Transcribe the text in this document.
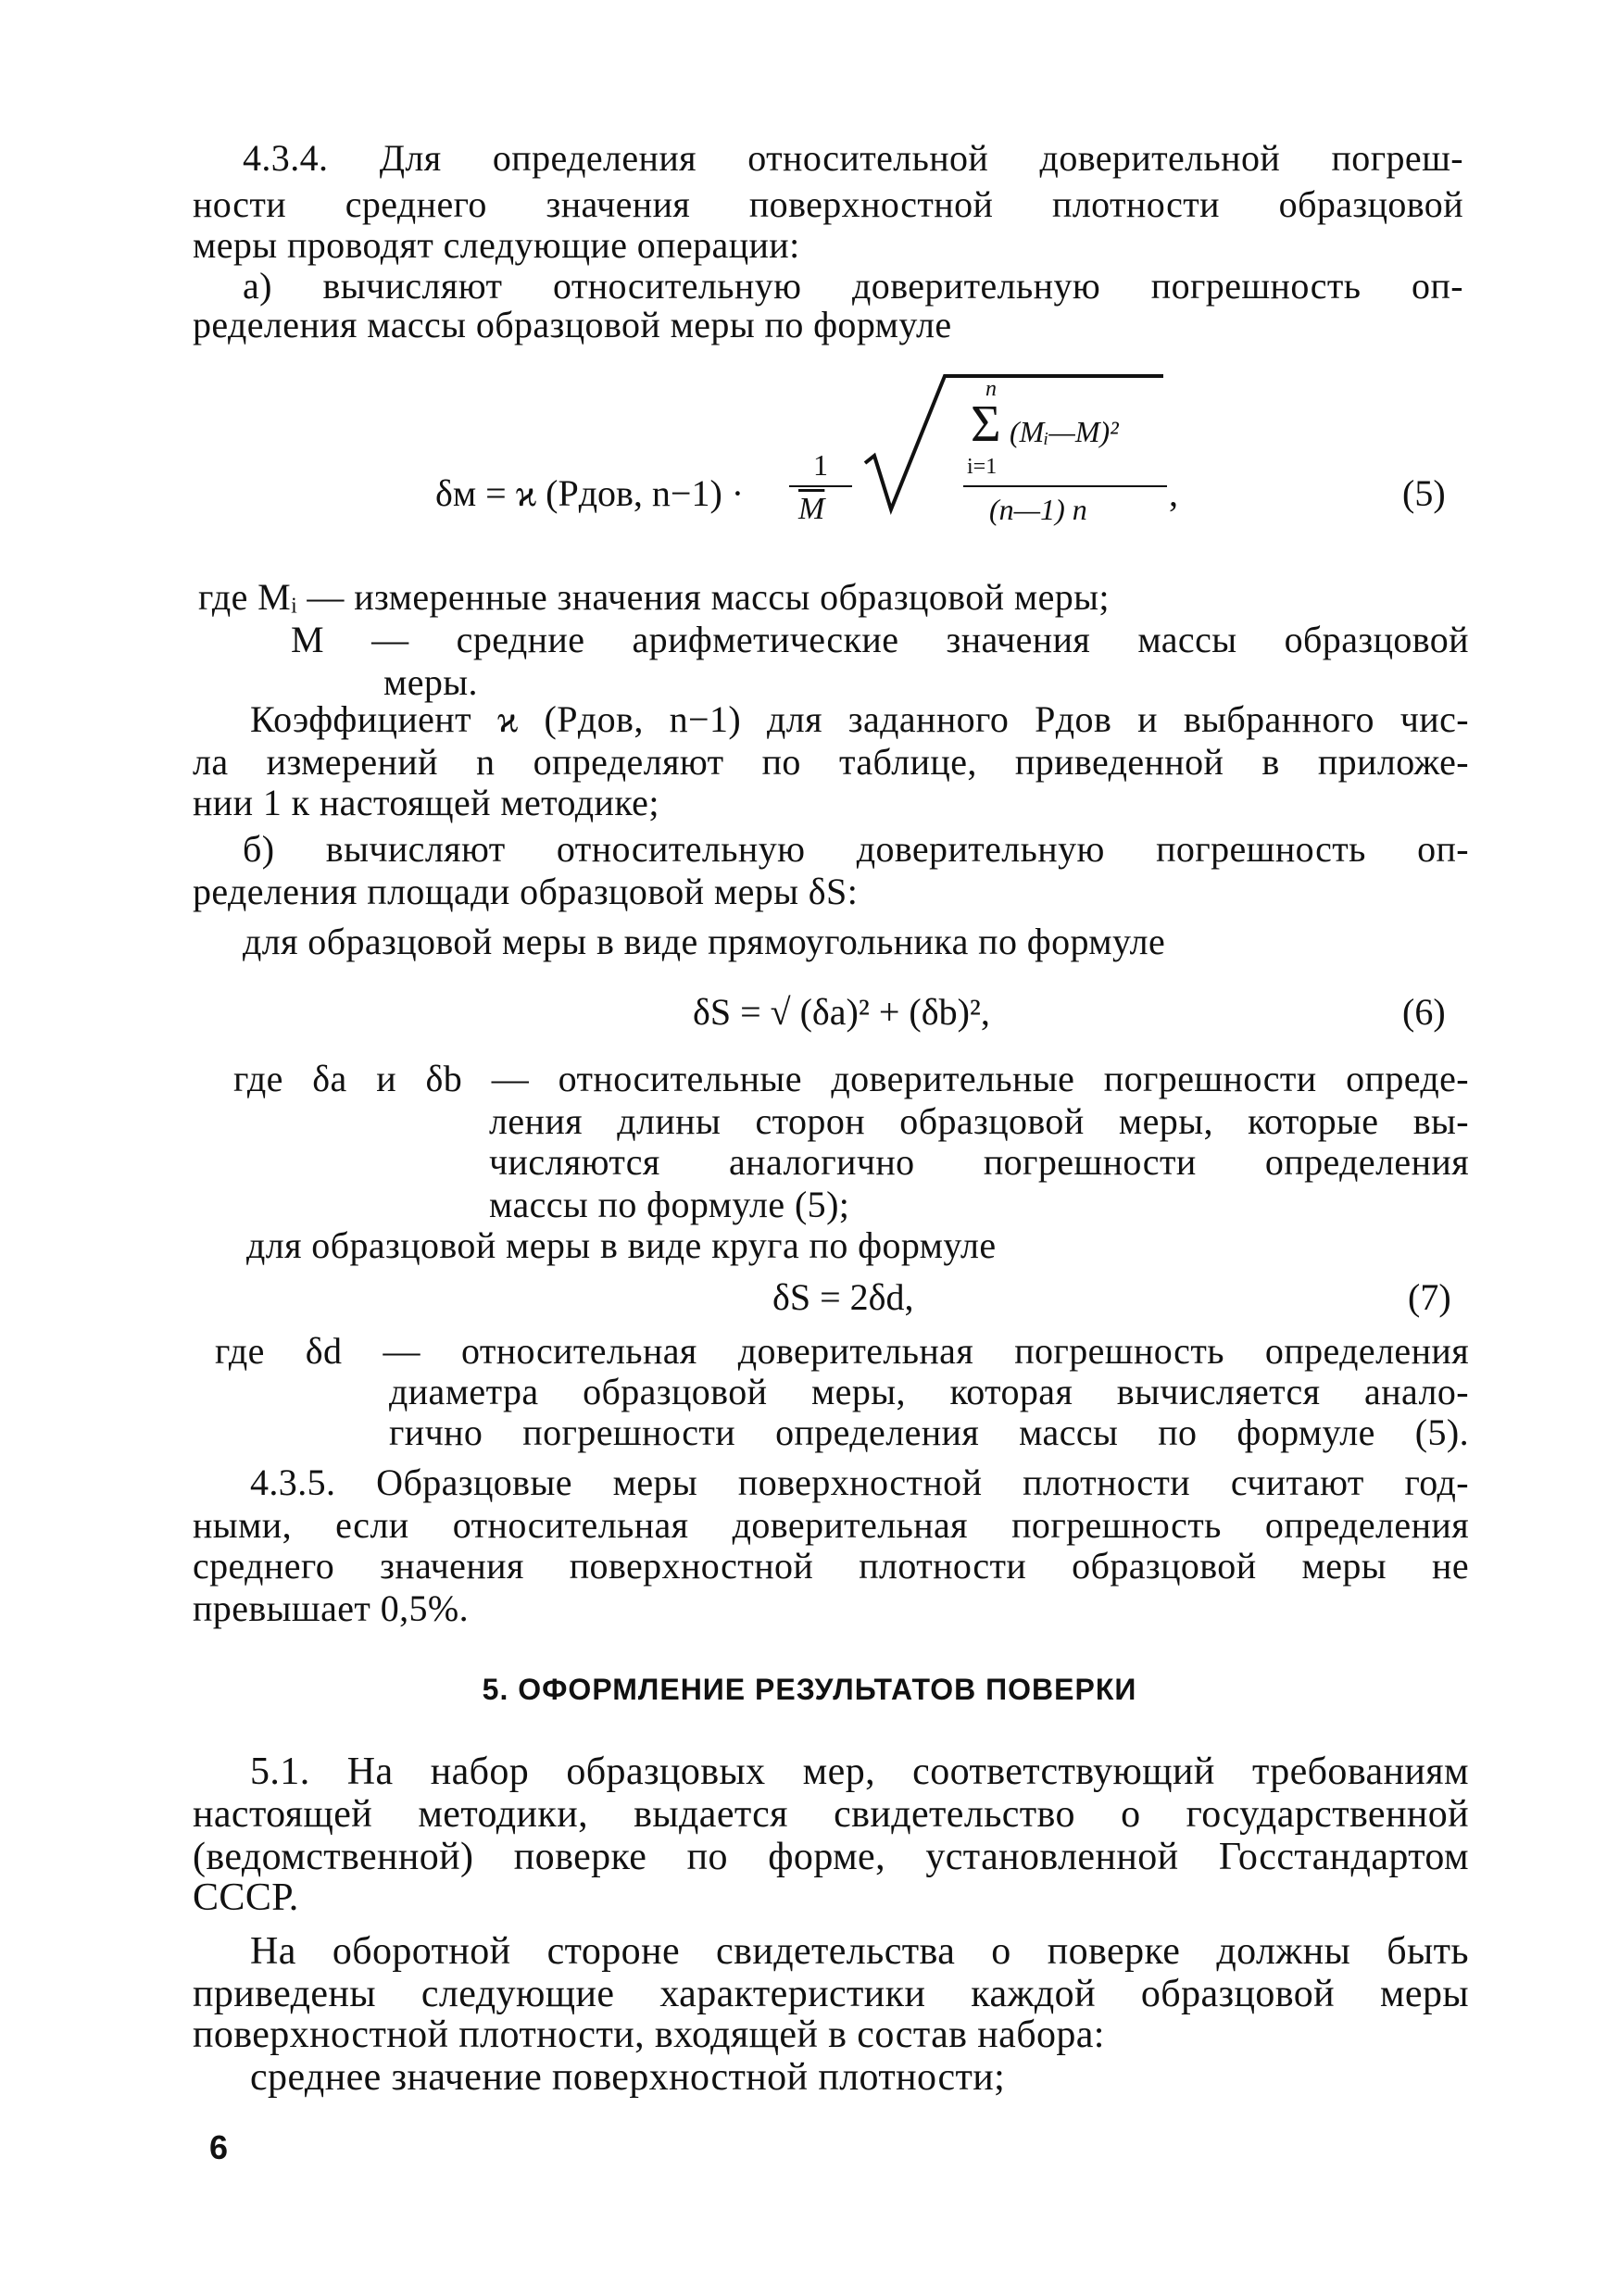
4.3.4. Для определения относительной доверительной погреш-
ности среднего значения поверхностной плотности образцовой
меры проводят следующие операции:
а) вычисляют относительную доверительную погрешность оп-
ределения массы образцовой меры по формуле
δм = ϰ (Pдов, n−1) ·
1
$\overline{M}$
n
Σ (Mᵢ—M)²
i=1
(n—1) n ,	(5)
где Mᵢ — измеренные значения массы образцовой меры;
M — средние арифметические значения массы образцовой
меры.
Коэффициент ϰ (Pдов, n−1) для заданного Pдов и выбранного чис-
ла измерений n определяют по таблице, приведенной в приложе-
нии 1 к настоящей методике;
б) вычисляют относительную доверительную погрешность оп-
ределения площади образцовой меры δS:
для образцовой меры в виде прямоугольника по формуле
δS = √ (δa)² + (δb)²,	(6)
где δa и δb — относительные доверительные погрешности опреде-
ления длины сторон образцовой меры, которые вы-
числяются аналогично погрешности определения
массы по формуле (5);
для образцовой меры в виде круга по формуле
δS = 2δd,	(7)
где δd — относительная доверительная погрешность определения
диаметра образцовой меры, которая вычисляется анало-
гично погрешности определения массы по формуле (5).
4.3.5. Образцовые меры поверхностной плотности считают год-
ными, если относительная доверительная погрешность определения
среднего значения поверхностной плотности образцовой меры не
превышает 0,5%.
5. ОФОРМЛЕНИЕ РЕЗУЛЬТАТОВ ПОВЕРКИ
5.1. На набор образцовых мер, соответствующий требованиям
настоящей методики, выдается свидетельство о государственной
(ведомственной) поверке по форме, установленной Госстандартом
СССР.
На оборотной стороне свидетельства о поверке должны быть
приведены следующие характеристики каждой образцовой меры
поверхностной плотности, входящей в состав набора:
среднее значение поверхностной плотности;
6
